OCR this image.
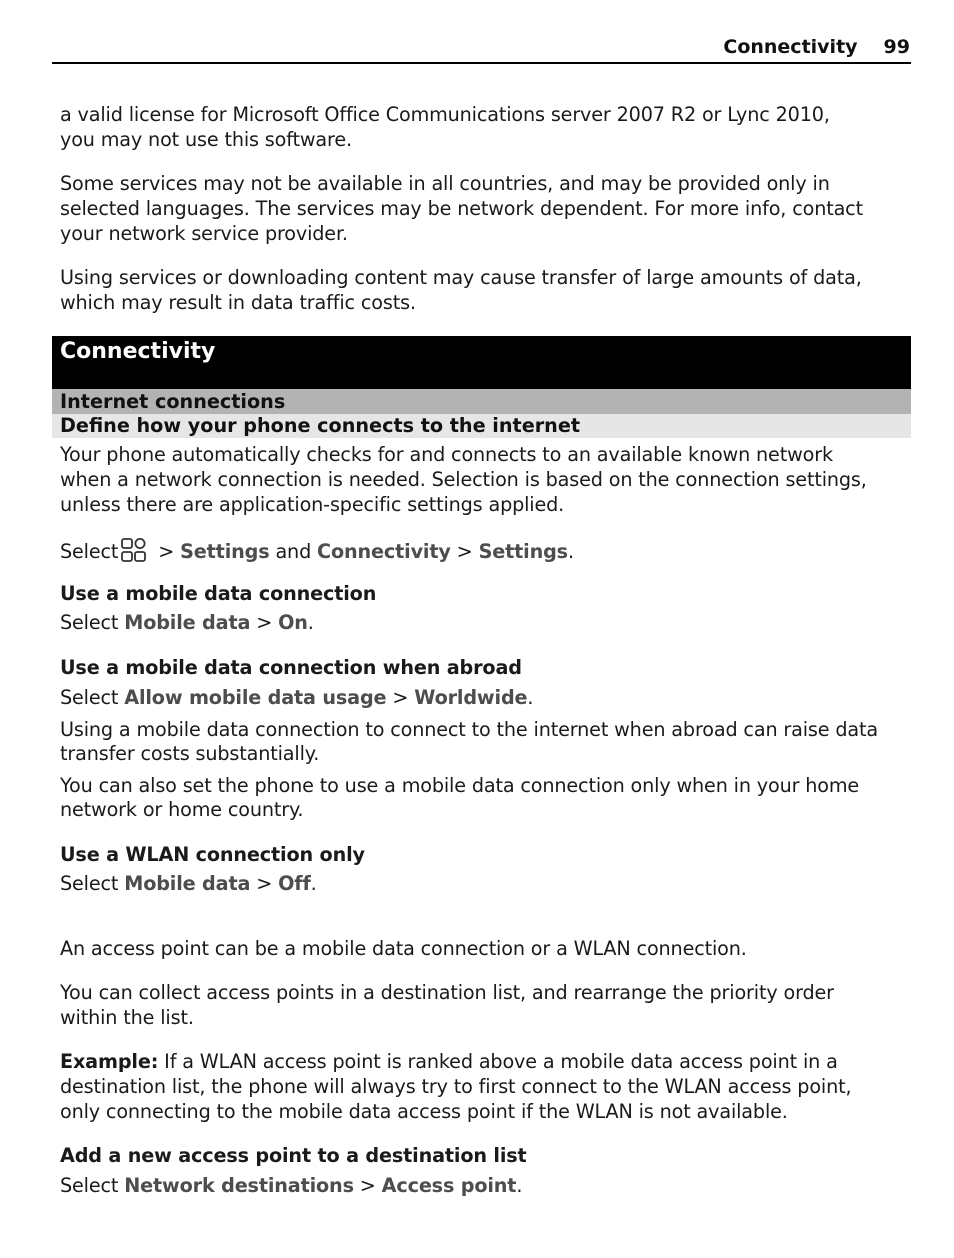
Connectivity 99
a valid license for Microsoft Office Communications server 2007 R2 or Lync 2010,
you may not use this software.
Some services may not be available in all countries, and may be provided only in
selected languages. The services may be network dependent. For more info, contact
your network service provider.
Using services or downloading content may cause transfer of large amounts of data,
which may result in data traffic costs.
Connectivity
Internet connections
Define how your phone connects to the internet
Your phone automatically checks for and connects to an available known network
when a network connection is needed. Selection is based on the connection settings,
unless there are application-specific settings applied.
Select > Settings and Connectivity > Settings.
Use a mobile data connection
Select Mobile data > On.
Use a mobile data connection when abroad
Select Allow mobile data usage > Worldwide.
Using a mobile data connection to connect to the internet when abroad can raise data
transfer costs substantially.
You can also set the phone to use a mobile data connection only when in your home
network or home country.
Use a WLAN connection only
Select Mobile data > Off.
An access point can be a mobile data connection or a WLAN connection.
You can collect access points in a destination list, and rearrange the priority order
within the list.
Example: If a WLAN access point is ranked above a mobile data access point in a
destination list, the phone will always try to first connect to the WLAN access point,
only connecting to the mobile data access point if the WLAN is not available.
Add a new access point to a destination list
Select Network destinations > Access point.
